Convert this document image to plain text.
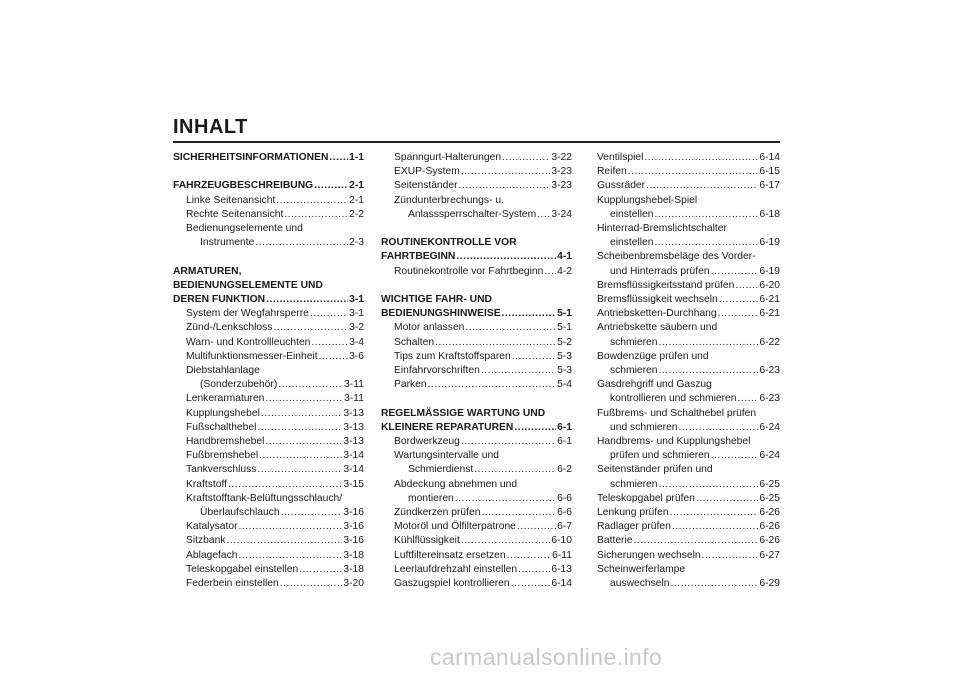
INHALT
SICHERHEITSINFORMATIONEN ..... 1-1
FAHRZEUGBESCHREIBUNG .....	2-1
Linke Seitenansicht .....	2-1
Rechte Seitenansicht .....	2-2
Bedienungselemente und
Instrumente .....	2-3
ARMATUREN,
BEDIENUNGSELEMENTE UND
DEREN FUNKTION .....	3-1
System der Wegfahrsperre .....	3-1
Zünd-/Lenkschloss .....	3-2
Warn- und Kontrollleuchten .....	3-4
Multifunktionsmesser-Einheit .....	3-6
Diebstahlanlage
(Sonderzubehör) .....	3-11
Lenkerarmaturen .....	3-11
Kupplungshebel .....	3-13
Fußschalthebel .....	3-13
Handbremshebel .....	3-13
Fußbremshebel .....	3-14
Tankverschluss .....	3-14
Kraftstoff .....	3-15
Kraftstofftank-Belüftungsschlauch/
Überlaufschlauch .....	3-16
Katalysator .....	3-16
Sitzbank .....	3-16
Ablagefach .....	3-18
Teleskopgabel einstellen .....	3-18
Federbein einstellen .....	3-20
Spanngurt-Halterungen .....	3-22
EXUP-System .....	3-23
Seitenständer .....	3-23
Zündunterbrechungs- u.
Anlasssperrschalter-System ..... 3-24
ROUTINEKONTROLLE VOR
FAHRTBEGINN .....	4-1
Routinekontrolle vor Fahrtbeginn ..... 4-2
WICHTIGE FAHR- UND
BEDIENUNGSHINWEISE .....	5-1
Motor anlassen .....	5-1
Schalten .....	5-2
Tips zum Kraftstoffsparen .....	5-3
Einfahrvorschriften .....	5-3
Parken .....	5-4
REGELMÄSSIGE WARTUNG UND
KLEINERE REPARATUREN .....	6-1
Bordwerkzeug .....	6-1
Wartungsintervalle und
Schmierdienst .....	6-2
Abdeckung abnehmen und
montieren .....	6-6
Zündkerzen prüfen .....	6-6
Motoröl und Ölfilterpatrone .....	6-7
Kühlflüssigkeit .....	6-10
Luftfiltereinsatz ersetzen .....	6-11
Leerlaufdrehzahl einstellen .....	6-13
Gaszugspiel kontrollieren .....	6-14
Ventilspiel .....	6-14
Reifen .....	6-15
Gussräder .....	6-17
Kupplungshebel-Spiel
einstellen .....	6-18
Hinterrad-Bremslichtschalter
einstellen .....	6-19
Scheibenbremsbeläge des Vorder-
und Hinterrads prüfen .....	6-19
Bremsflüssigkeitsstand prüfen ..... 6-20
Bremsflüssigkeit wechseln .....	6-21
Antriebsketten-Durchhang .....	6-21
Antriebskette säubern und
schmieren .....	6-22
Bowdenzüge prüfen und
schmieren .....	6-23
Gasdrehgriff und Gaszug
kontrollieren und schmieren ..... 6-23
Fußbrems- und Schalthebel prüfen
und schmieren .....	6-24
Handbrems- und Kupplungshebel
prüfen und schmieren .....	6-24
Seitenständer prüfen und
schmieren .....	6-25
Teleskopgabel prüfen .....	6-25
Lenkung prüfen .....	6-26
Radlager prüfen .....	6-26
Batterie .....	6-26
Sicherungen wechseln .....	6-27
Scheinwerferlampe
auswechseln .....	6-29
carmanualsonline.info
